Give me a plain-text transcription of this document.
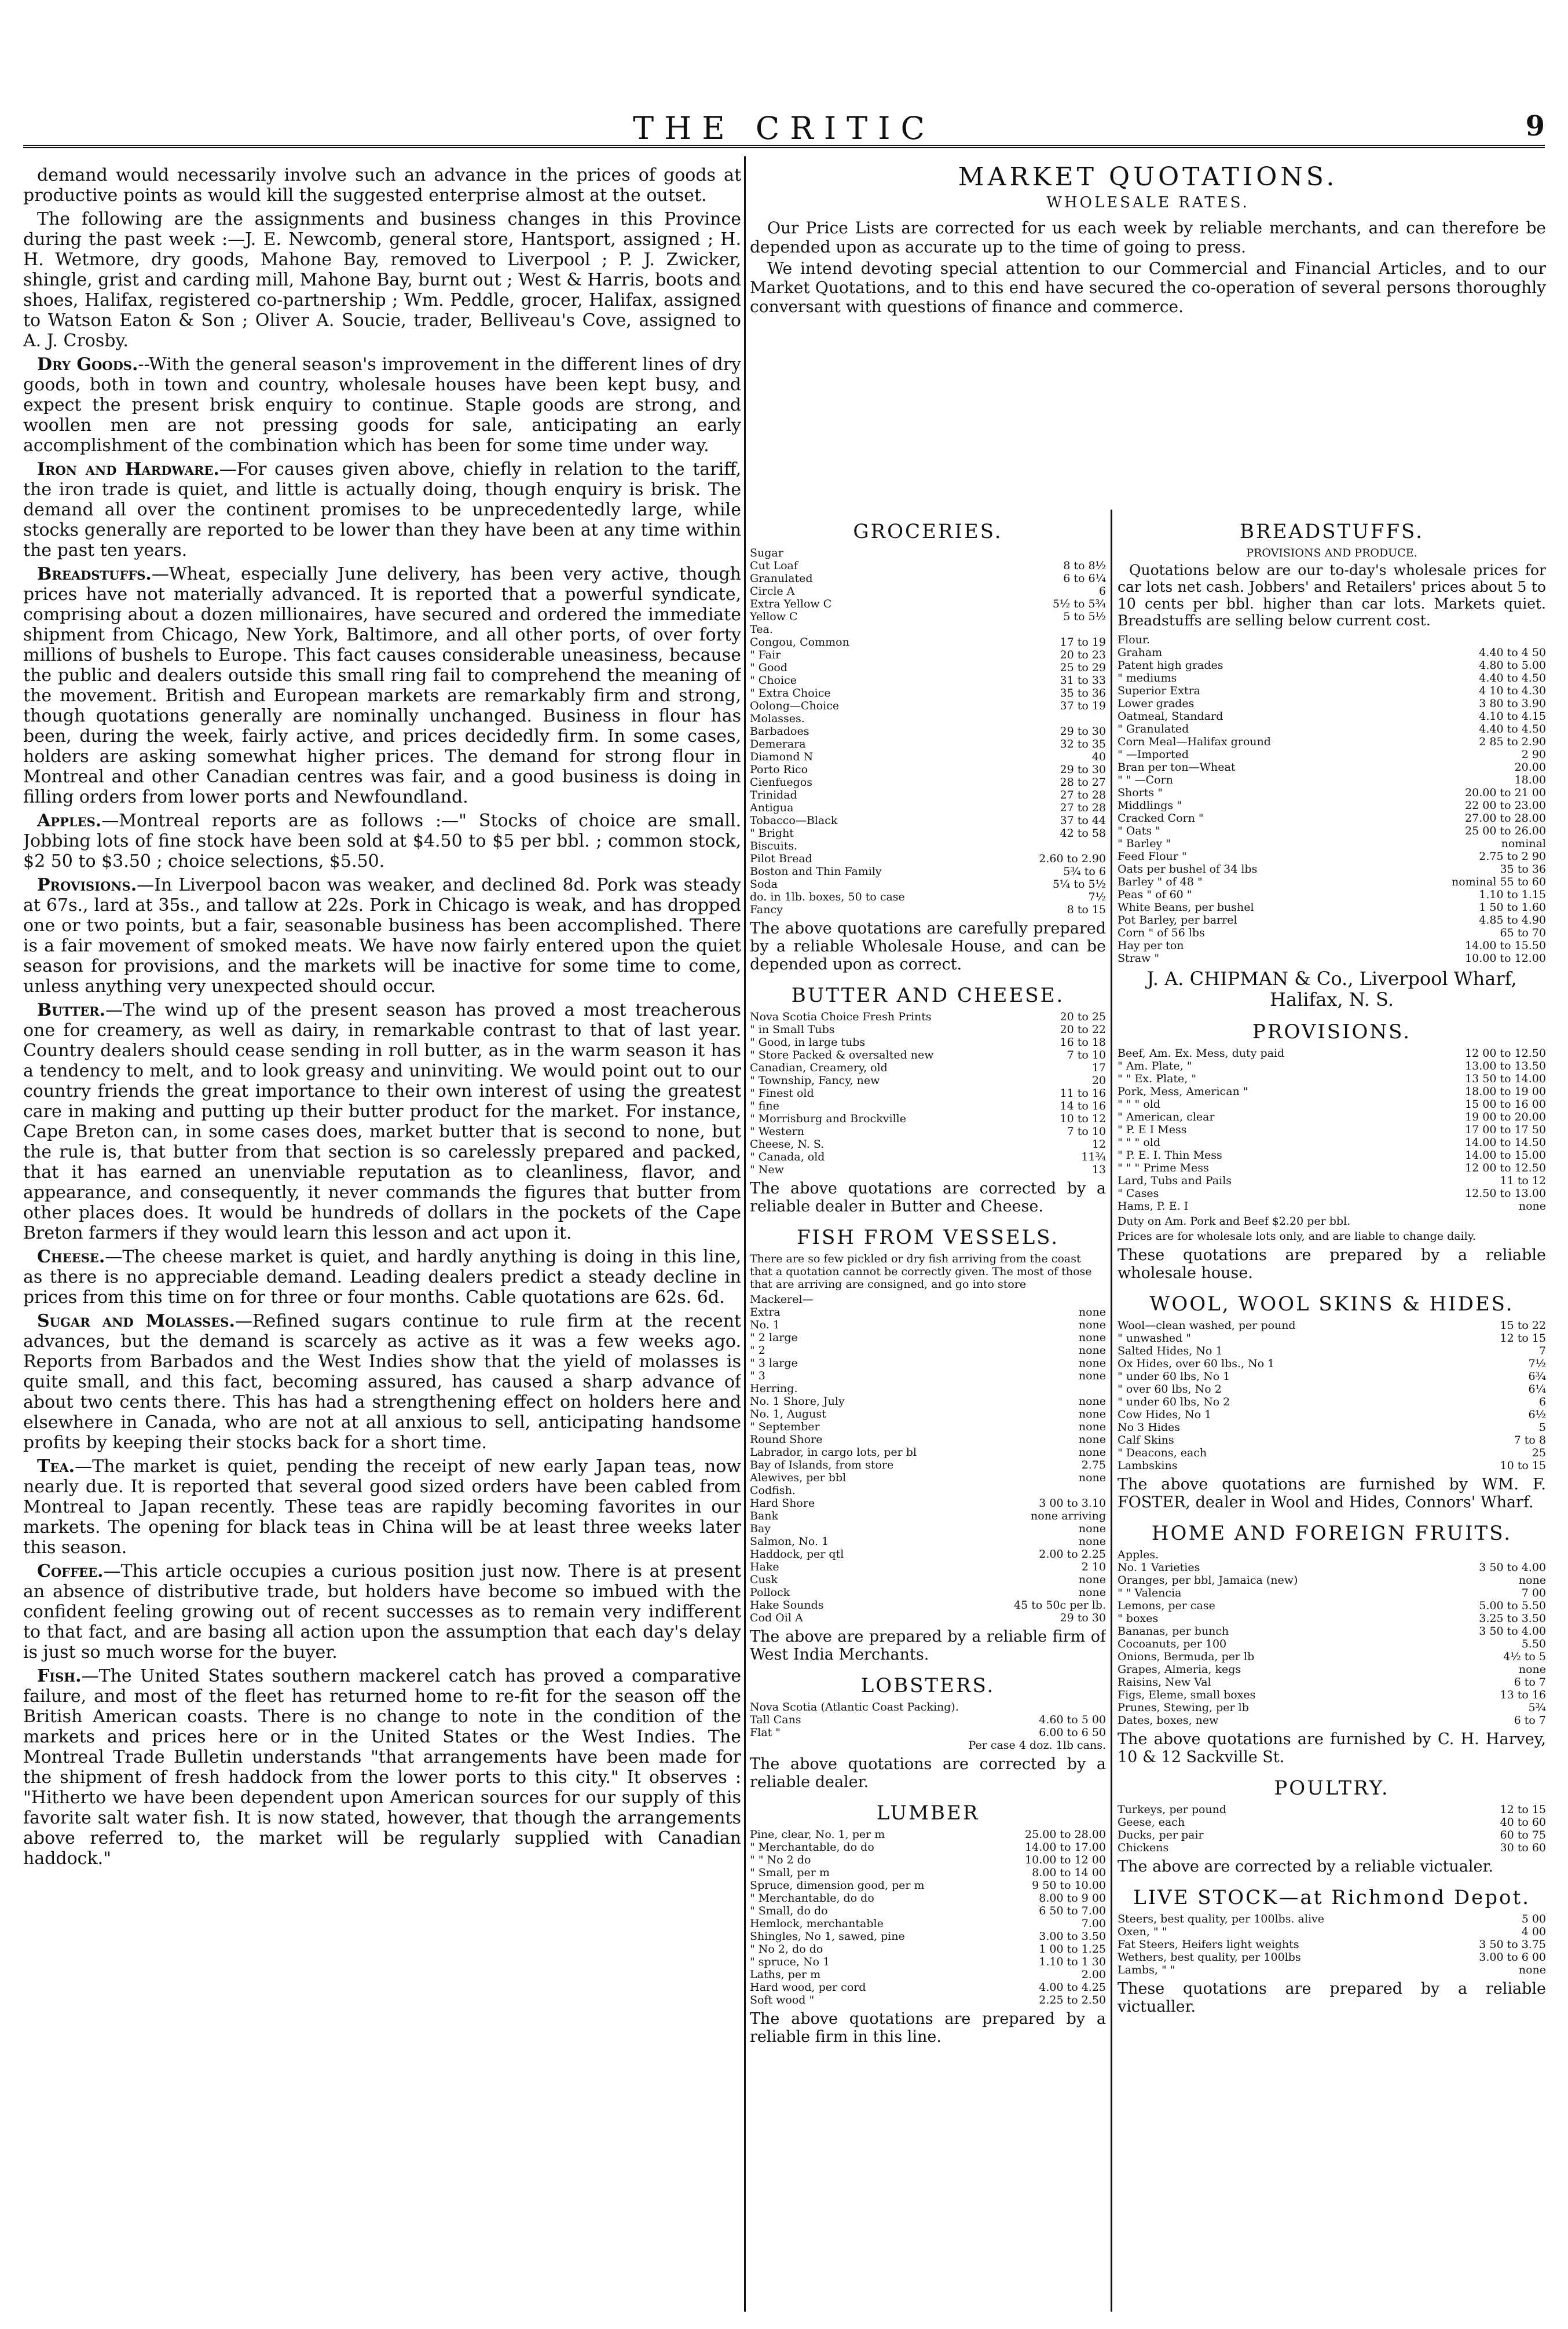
THE CRITIC	9

demand would necessarily involve such an advance in the prices of goods at productive points as would kill the suggested enterprise almost at the outset.

The following are the assignments and business changes in this Province during the past week :—J. E. Newcomb, general store, Hantsport, assigned ; H. H. Wetmore, dry goods, Mahone Bay, removed to Liverpool ; P. J. Zwicker, shingle, grist and carding mill, Mahone Bay, burnt out ; West & Harris, boots and shoes, Halifax, registered co-partnership ; Wm. Peddle, grocer, Halifax, assigned to Watson Eaton & Son ; Oliver A. Soucie, trader, Belliveau's Cove, assigned to A. J. Crosby.

Dry Goods.--With the general season's improvement in the different lines of dry goods, both in town and country, wholesale houses have been kept busy, and expect the present brisk enquiry to continue. Staple goods are strong, and woollen men are not pressing goods for sale, anticipating an early accomplishment of the combination which has been for some time under way.

Iron and Hardware.—For causes given above, chiefly in relation to the tariff, the iron trade is quiet, and little is actually doing, though enquiry is brisk. The demand all over the continent promises to be unprecedentedly large, while stocks generally are reported to be lower than they have been at any time within the past ten years.

Breadstuffs.—Wheat, especially June delivery, has been very active, though prices have not materially advanced. It is reported that a powerful syndicate, comprising about a dozen millionaires, have secured and ordered the immediate shipment from Chicago, New York, Baltimore, and all other ports, of over forty millions of bushels to Europe. This fact causes considerable uneasiness, because the public and dealers outside this small ring fail to comprehend the meaning of the movement. British and European markets are remarkably firm and strong, though quotations generally are nominally unchanged. Business in flour has been, during the week, fairly active, and prices decidedly firm. In some cases, holders are asking somewhat higher prices. The demand for strong flour in Montreal and other Canadian centres was fair, and a good business is doing in filling orders from lower ports and Newfoundland.

Apples.—Montreal reports are as follows :—" Stocks of choice are small. Jobbing lots of fine stock have been sold at $4.50 to $5 per bbl. ; common stock, $2 50 to $3.50 ; choice selections, $5.50.

Provisions.—In Liverpool bacon was weaker, and declined 8d. Pork was steady at 67s., lard at 35s., and tallow at 22s. Pork in Chicago is weak, and has dropped one or two points, but a fair, seasonable business has been accomplished. There is a fair movement of smoked meats. We have now fairly entered upon the quiet season for provisions, and the markets will be inactive for some time to come, unless anything very unexpected should occur.

Butter.—The wind up of the present season has proved a most treacherous one for creamery, as well as dairy, in remarkable contrast to that of last year. Country dealers should cease sending in roll butter, as in the warm season it has a tendency to melt, and to look greasy and uninviting. We would point out to our country friends the great importance to their own interest of using the greatest care in making and putting up their butter product for the market. For instance, Cape Breton can, in some cases does, market butter that is second to none, but the rule is, that butter from that section is so carelessly prepared and packed, that it has earned an unenviable reputation as to cleanliness, flavor, and appearance, and consequently, it never commands the figures that butter from other places does. It would be hundreds of dollars in the pockets of the Cape Breton farmers if they would learn this lesson and act upon it.

Cheese.—The cheese market is quiet, and hardly anything is doing in this line, as there is no appreciable demand. Leading dealers predict a steady decline in prices from this time on for three or four months. Cable quotations are 62s. 6d.

Sugar and Molasses.—Refined sugars continue to rule firm at the recent advances, but the demand is scarcely as active as it was a few weeks ago. Reports from Barbados and the West Indies show that the yield of molasses is quite small, and this fact, becoming assured, has caused a sharp advance of about two cents there. This has had a strengthening effect on holders here and elsewhere in Canada, who are not at all anxious to sell, anticipating handsome profits by keeping their stocks back for a short time.

Tea.—The market is quiet, pending the receipt of new early Japan teas, now nearly due. It is reported that several good sized orders have been cabled from Montreal to Japan recently. These teas are rapidly becoming favorites in our markets. The opening for black teas in China will be at least three weeks later this season.

Coffee.—This article occupies a curious position just now. There is at present an absence of distributive trade, but holders have become so imbued with the confident feeling growing out of recent successes as to remain very indifferent to that fact, and are basing all action upon the assumption that each day's delay is just so much worse for the buyer.

Fish.—The United States southern mackerel catch has proved a comparative failure, and most of the fleet has returned home to re-fit for the season off the British American coasts. There is no change to note in the condition of the markets and prices here or in the United States or the West Indies. The Montreal Trade Bulletin understands "that arrangements have been made for the shipment of fresh haddock from the lower ports to this city." It observes : "Hitherto we have been dependent upon American sources for our supply of this favorite salt water fish. It is now stated, however, that though the arrangements above referred to, the market will be regularly supplied with Canadian haddock."

MARKET QUOTATIONS.
WHOLESALE RATES.
Our Price Lists are corrected for us each week by reliable merchants, and can therefore be depended upon as accurate up to the time of going to press.
We intend devoting special attention to our Commercial and Financial Articles, and to our Market Quotations, and to this end have secured the co-operation of several persons thoroughly conversant with questions of finance and commerce.
GROCERIES.
Sugar	
Cut Loaf	8 to 8½
Granulated	6 to 6¼
Circle A	6
Extra Yellow C	5½ to 5¾
Yellow C	5 to 5½
Tea.	
Congou, Common	17 to 19
" Fair	20 to 23
" Good	25 to 29
" Choice	31 to 33
" Extra Choice	35 to 36
Oolong—Choice	37 to 19
Molasses.	
Barbadoes	29 to 30
Demerara	32 to 35
Diamond N	40
Porto Rico	29 to 30
Cienfuegos	28 to 27
Trinidad	27 to 28
Antigua	27 to 28
Tobacco—Black	37 to 44
" Bright	42 to 58
Biscuits.	
Pilot Bread	2.60 to 2.90
Boston and Thin Family	5¾ to 6
Soda	5¼ to 5½
do. in 1lb. boxes, 50 to case	7½
Fancy	8 to 15
The above quotations are carefully prepared by a reliable Wholesale House, and can be depended upon as correct.
BUTTER AND CHEESE.
Nova Scotia Choice Fresh Prints	20 to 25
" in Small Tubs	20 to 22
" Good, in large tubs	16 to 18
" Store Packed & oversalted new	7 to 10
Canadian, Creamery, old	17
" Township, Fancy, new	20
" Finest old	11 to 16
" fine	14 to 16
" Morrisburg and Brockville	10 to 12
" Western	7 to 10
Cheese, N. S.	12
" Canada, old	11¾
" New	13
The above quotations are corrected by a reliable dealer in Butter and Cheese.
FISH FROM VESSELS.
There are so few pickled or dry fish arriving from the coast that a quotation cannot be correctly given. The most of those that are arriving are consigned, and go into store
Mackerel—	
Extra	none
No. 1	none
" 2 large	none
" 2	none
" 3 large	none
" 3	none
Herring.	
No. 1 Shore, July	none
No. 1, August	none
" September	none
Round Shore	none
Labrador, in cargo lots, per bl	none
Bay of Islands, from store	2.75
Alewives, per bbl	none
Codfish.	
Hard Shore	3 00 to 3.10
Bank	none arriving
Bay	none
Salmon, No. 1	none
Haddock, per qtl	2.00 to 2.25
Hake	2 10
Cusk	none
Pollock	none
Hake Sounds	45 to 50c per lb.
Cod Oil A	29 to 30
The above are prepared by a reliable firm of West India Merchants.
LOBSTERS.
Nova Scotia (Atlantic Coast Packing).	
Tall Cans	4.60 to 5 00
Flat "	6.00 to 6 50
	Per case 4 doz. 1lb cans.
The above quotations are corrected by a reliable dealer.
LUMBER
Pine, clear, No. 1, per m	25.00 to 28.00
" Merchantable, do do	14.00 to 17.00
" " No 2 do	10.00 to 12 00
" Small, per m	8.00 to 14 00
Spruce, dimension good, per m	9 50 to 10.00
" Merchantable, do do	8.00 to 9 00
" Small, do do	6 50 to 7.00
Hemlock, merchantable	7.00
Shingles, No 1, sawed, pine	3.00 to 3.50
" No 2, do do	1 00 to 1.25
" spruce, No 1	1.10 to 1 30
Laths, per m	2.00
Hard wood, per cord	4.00 to 4.25
Soft wood "	2.25 to 2.50
The above quotations are prepared by a reliable firm in this line.
BREADSTUFFS.
PROVISIONS AND PRODUCE.
Quotations below are our to-day's wholesale prices for car lots net cash. Jobbers' and Retailers' prices about 5 to 10 cents per bbl. higher than car lots. Markets quiet. Breadstuffs are selling below current cost.
Flour.	
Graham	4.40 to 4 50
Patent high grades	4.80 to 5.00
" mediums	4.40 to 4.50
Superior Extra	4 10 to 4.30
Lower grades	3 80 to 3.90
Oatmeal, Standard	4.10 to 4.15
" Granulated	4.40 to 4.50
Corn Meal—Halifax ground	2 85 to 2.90
" —Imported	2 90
Bran per ton—Wheat	20.00
" " —Corn	18.00
Shorts "	20.00 to 21 00
Middlings "	22 00 to 23.00
Cracked Corn "	27.00 to 28.00
" Oats "	25 00 to 26.00
" Barley "	nominal
Feed Flour "	2.75 to 2 90
Oats per bushel of 34 lbs	35 to 36
Barley " of 48 "	nominal 55 to 60
Peas " of 60 "	1.10 to 1.15
White Beans, per bushel	1 50 to 1.60
Pot Barley, per barrel	4.85 to 4.90
Corn " of 56 lbs	65 to 70
Hay per ton	14.00 to 15.50
Straw "	10.00 to 12.00
J. A. CHIPMAN & Co., Liverpool Wharf, Halifax, N. S.
PROVISIONS.
Beef, Am. Ex. Mess, duty paid	12 00 to 12.50
" Am. Plate, "	13.00 to 13.50
" " Ex. Plate, "	13 50 to 14.00
Pork, Mess, American "	18.00 to 19 00
" " " old	15 00 to 16 00
" American, clear	19 00 to 20.00
" P. E I Mess	17 00 to 17 50
" " " old	14.00 to 14.50
" P. E. I. Thin Mess	14.00 to 15.00
" " " Prime Mess	12 00 to 12.50
Lard, Tubs and Pails	11 to 12
" Cases	12.50 to 13.00
Hams, P. E. I	none
Duty on Am. Pork and Beef $2.20 per bbl.
Prices are for wholesale lots only, and are liable to change daily.
These quotations are prepared by a reliable wholesale house.
WOOL, WOOL SKINS & HIDES.
Wool—clean washed, per pound	15 to 22
" unwashed "	12 to 15
Salted Hides, No 1	7
Ox Hides, over 60 lbs., No 1	7½
" under 60 lbs, No 1	6¾
" over 60 lbs, No 2	6¼
" under 60 lbs, No 2	6
Cow Hides, No 1	6½
No 3 Hides	5
Calf Skins	7 to 8
" Deacons, each	25
Lambskins	10 to 15
The above quotations are furnished by WM. F. FOSTER, dealer in Wool and Hides, Connors' Wharf.
HOME AND FOREIGN FRUITS.
Apples.	
No. 1 Varieties	3 50 to 4.00
Oranges, per bbl, Jamaica (new)	none
" " Valencia	7 00
Lemons, per case	5.00 to 5.50
" boxes	3.25 to 3.50
Bananas, per bunch	3 50 to 4.00
Cocoanuts, per 100	5.50
Onions, Bermuda, per lb	4½ to 5
Grapes, Almeria, kegs	none
Raisins, New Val	6 to 7
Figs, Eleme, small boxes	13 to 16
Prunes, Stewing, per lb	5¾
Dates, boxes, new	6 to 7
The above quotations are furnished by C. H. Harvey, 10 & 12 Sackville St.
POULTRY.
Turkeys, per pound	12 to 15
Geese, each	40 to 60
Ducks, per pair	60 to 75
Chickens	30 to 60
The above are corrected by a reliable victualer.
LIVE STOCK—at Richmond Depot.
Steers, best quality, per 100lbs. alive	5 00
Oxen, " "	4 00
Fat Steers, Heifers light weights	3 50 to 3.75
Wethers, best quality, per 100lbs	3.00 to 6 00
Lambs, " "	none
These quotations are prepared by a reliable victualler.
